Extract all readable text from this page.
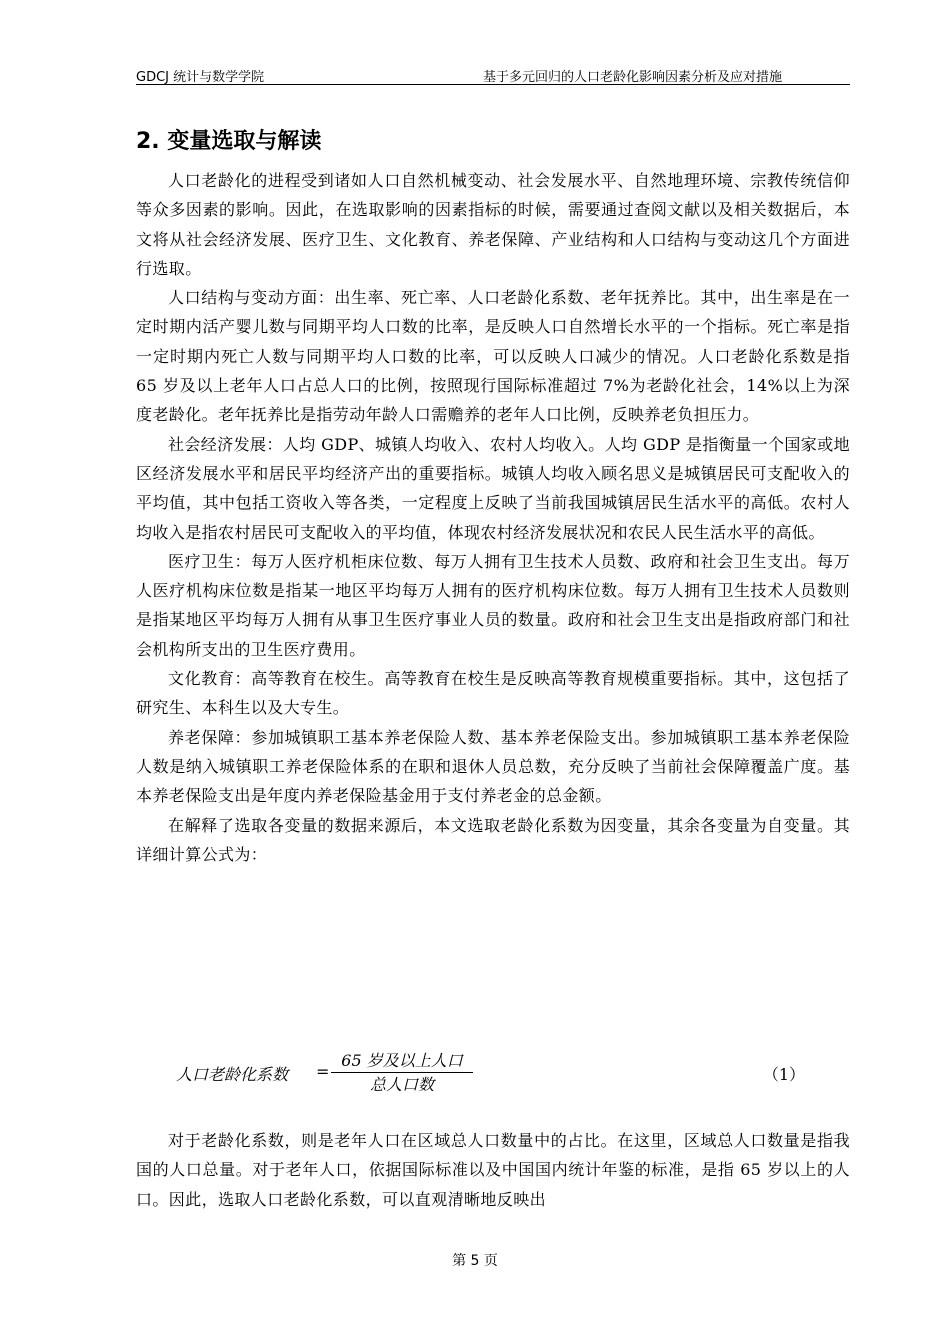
GDCJ 统计与数学学院	基于多元回归的人口老龄化影响因素分析及应对措施
2. 变量选取与解读

人口老龄化的进程受到诸如人口自然机械变动、社会发展水平、自然地理环境、宗教传统信仰等众多因素的影响。因此，在选取影响的因素指标的时候，需要通过查阅文献以及相关数据后，本文将从社会经济发展、医疗卫生、文化教育、养老保障、产业结构和人口结构与变动这几个方面进行选取。

人口结构与变动方面：出生率、死亡率、人口老龄化系数、老年抚养比。其中，出生率是在一定时期内活产婴儿数与同期平均人口数的比率，是反映人口自然增长水平的一个指标。死亡率是指一定时期内死亡人数与同期平均人口数的比率，可以反映人口减少的情况。人口老龄化系数是指 65 岁及以上老年人口占总人口的比例，按照现行国际标准超过 7%为老龄化社会，14%以上为深度老龄化。老年抚养比是指劳动年龄人口需赡养的老年人口比例，反映养老负担压力。

社会经济发展：人均 GDP、城镇人均收入、农村人均收入。人均 GDP 是指衡量一个国家或地区经济发展水平和居民平均经济产出的重要指标。城镇人均收入顾名思义是城镇居民可支配收入的平均值，其中包括工资收入等各类，一定程度上反映了当前我国城镇居民生活水平的高低。农村人均收入是指农村居民可支配收入的平均值，体现农村经济发展状况和农民人民生活水平的高低。

医疗卫生：每万人医疗机柜床位数、每万人拥有卫生技术人员数、政府和社会卫生支出。每万人医疗机构床位数是指某一地区平均每万人拥有的医疗机构床位数。每万人拥有卫生技术人员数则是指某地区平均每万人拥有从事卫生医疗事业人员的数量。政府和社会卫生支出是指政府部门和社会机构所支出的卫生医疗费用。

文化教育：高等教育在校生。高等教育在校生是反映高等教育规模重要指标。其中，这包括了研究生、本科生以及大专生。

养老保障：参加城镇职工基本养老保险人数、基本养老保险支出。参加城镇职工基本养老保险人数是纳入城镇职工养老保险体系的在职和退休人员总数，充分反映了当前社会保障覆盖广度。基本养老保险支出是年度内养老保险基金用于支付养老金的总金额。

在解释了选取各变量的数据来源后，本文选取老龄化系数为因变量，其余各变量为自变量。其详细计算公式为：

人口老龄化系数 =
65 岁及以上人口
总人口数
（1）

对于老龄化系数，则是老年人口在区域总人口数量中的占比。在这里，区域总人口数量是指我国的人口总量。对于老年人口，依据国际标准以及中国国内统计年鉴的标准，是指 65 岁以上的人口。因此，选取人口老龄化系数，可以直观清晰地反映出

第 5 页
